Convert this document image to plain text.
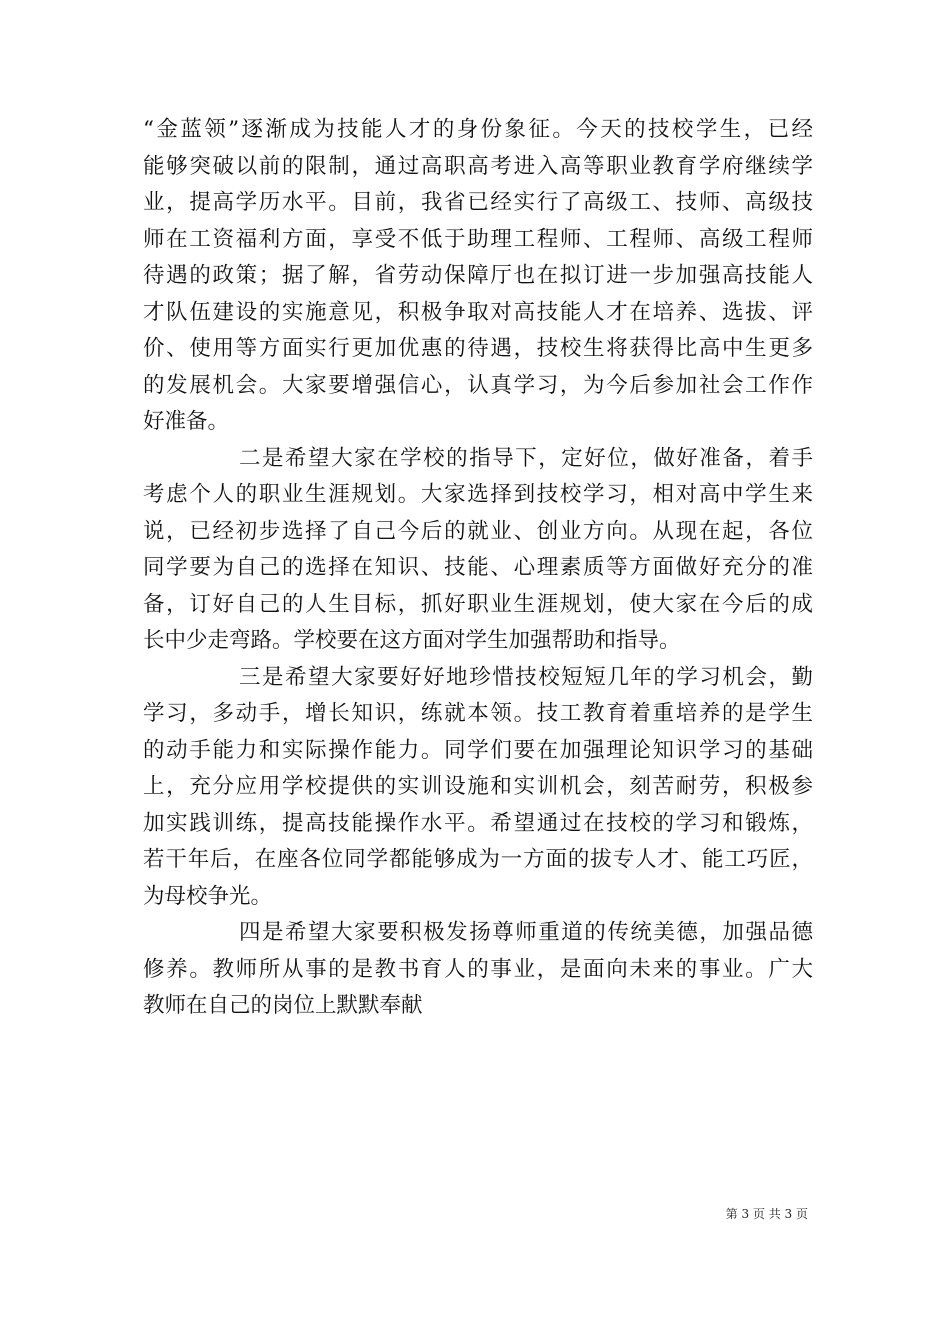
“金蓝领”逐渐成为技能人才的身份象征。今天的技校学生，已经
能够突破以前的限制，通过高职高考进入高等职业教育学府继续学
业，提高学历水平。目前，我省已经实行了高级工、技师、高级技
师在工资福利方面，享受不低于助理工程师、工程师、高级工程师
待遇的政策；据了解，省劳动保障厅也在拟订进一步加强高技能人
才队伍建设的实施意见，积极争取对高技能人才在培养、选拔、评
价、使用等方面实行更加优惠的待遇，技校生将获得比高中生更多
的发展机会。大家要增强信心，认真学习，为今后参加社会工作作
好准备。
二是希望大家在学校的指导下，定好位，做好准备，着手
考虑个人的职业生涯规划。大家选择到技校学习，相对高中学生来
说，已经初步选择了自己今后的就业、创业方向。从现在起，各位
同学要为自己的选择在知识、技能、心理素质等方面做好充分的准
备，订好自己的人生目标，抓好职业生涯规划，使大家在今后的成
长中少走弯路。学校要在这方面对学生加强帮助和指导。
三是希望大家要好好地珍惜技校短短几年的学习机会，勤
学习，多动手，增长知识，练就本领。技工教育着重培养的是学生
的动手能力和实际操作能力。同学们要在加强理论知识学习的基础
上，充分应用学校提供的实训设施和实训机会，刻苦耐劳，积极参
加实践训练，提高技能操作水平。希望通过在技校的学习和锻炼，
若干年后，在座各位同学都能够成为一方面的拔专人才、能工巧匠，
为母校争光。
四是希望大家要积极发扬尊师重道的传统美德，加强品德
修养。教师所从事的是教书育人的事业，是面向未来的事业。广大
教师在自己的岗位上默默奉献
第 3 页 共 3 页
